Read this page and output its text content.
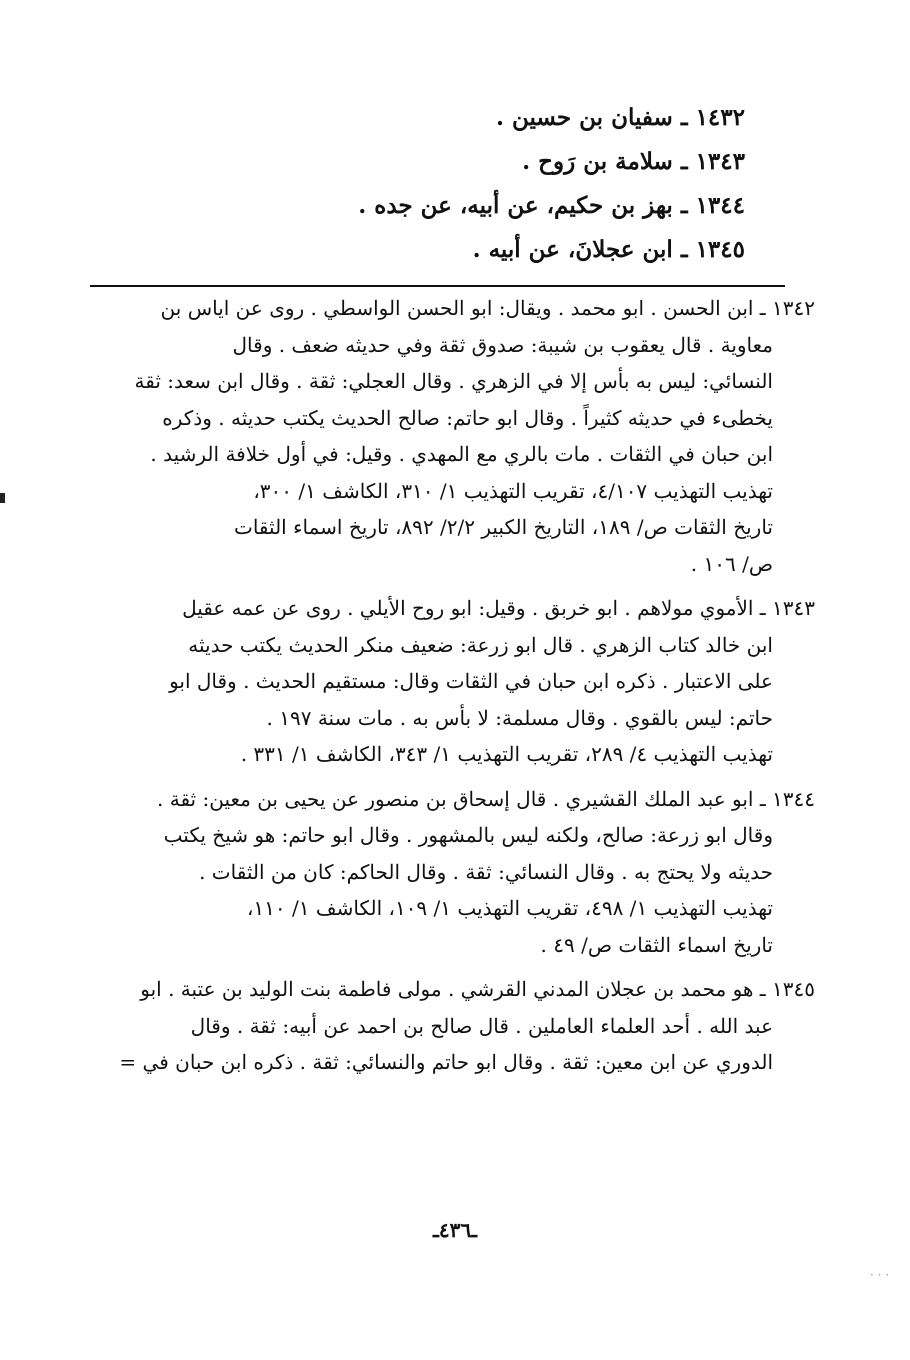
١٤٣٢ ـ سفيان بن حسين .
١٣٤٣ ـ سلامة بن رَوح .
١٣٤٤ ـ بهز بن حكيم، عن أبيه، عن جده .
١٣٤٥ ـ ابن عجلانَ، عن أبيه .
١٣٤٢ ـ ابن الحسن . ابو محمد . ويقال: ابو الحسن الواسطي . روى عن اياس بن
معاوية . قال يعقوب بن شيبة: صدوق ثقة وفي حديثه ضعف . وقال
النسائي: ليس به بأس إلا في الزهري . وقال العجلي: ثقة . وقال ابن سعد: ثقة
يخطىء في حديثه كثيراً . وقال ابو حاتم: صالح الحديث يكتب حديثه . وذكره
ابن حبان في الثقات . مات بالري مع المهدي . وقيل: في أول خلافة الرشيد .
تهذيب التهذيب ٤/١٠٧، تقريب التهذيب ١/ ٣١٠، الكاشف ١/ ٣٠٠،
تاريخ الثقات ص/ ١٨٩، التاريخ الكبير ٢/٢/ ٨٩٢، تاريخ اسماء الثقات
ص/ ١٠٦ .
١٣٤٣ ـ الأموي مولاهم . ابو خربق . وقيل: ابو روح الأيلي . روى عن عمه عقيل
ابن خالد كتاب الزهري . قال ابو زرعة: ضعيف منكر الحديث يكتب حديثه
على الاعتبار . ذكره ابن حبان في الثقات وقال: مستقيم الحديث . وقال ابو
حاتم: ليس بالقوي . وقال مسلمة: لا بأس به . مات سنة ١٩٧ .
تهذيب التهذيب ٤/ ٢٨٩، تقريب التهذيب ١/ ٣٤٣، الكاشف ١/ ٣٣١ .
١٣٤٤ ـ ابو عبد الملك القشيري . قال إسحاق بن منصور عن يحيى بن معين: ثقة .
وقال ابو زرعة: صالح، ولكنه ليس بالمشهور . وقال ابو حاتم: هو شيخ يكتب
حديثه ولا يحتج به . وقال النسائي: ثقة . وقال الحاكم: كان من الثقات .
تهذيب التهذيب ١/ ٤٩٨، تقريب التهذيب ١/ ١٠٩، الكاشف ١/ ١١٠،
تاريخ اسماء الثقات ص/ ٤٩ .
١٣٤٥ ـ هو محمد بن عجلان المدني القرشي . مولى فاطمة بنت الوليد بن عتبة . ابو
عبد الله . أحد العلماء العاملين . قال صالح بن احمد عن أبيه: ثقة . وقال
الدوري عن ابن معين: ثقة . وقال ابو حاتم والنسائي: ثقة . ذكره ابن حبان في =
ـ٤٣٦ـ
· · ·
